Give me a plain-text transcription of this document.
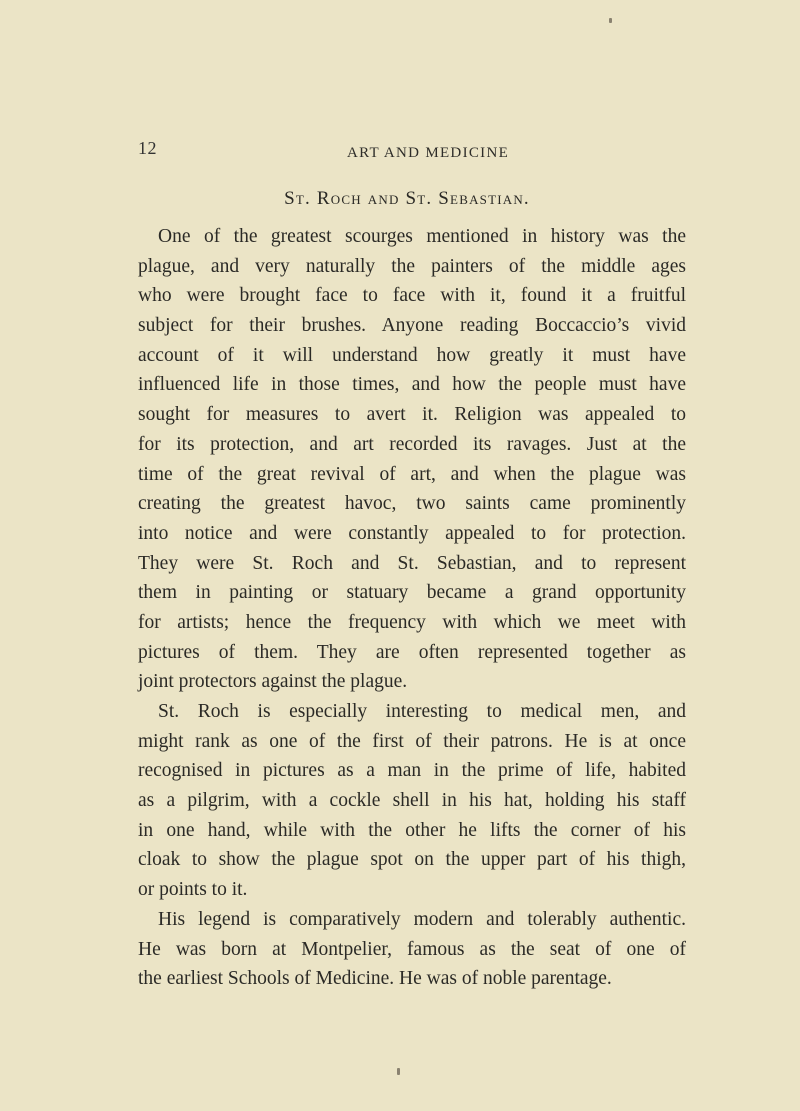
12	ART AND MEDICINE
St. Roch and St. Sebastian.
One of the greatest scourges mentioned in history was the
plague, and very naturally the painters of the middle ages
who were brought face to face with it, found it a fruitful
subject for their brushes. Anyone reading Boccaccio’s vivid
account of it will understand how greatly it must have
influenced life in those times, and how the people must have
sought for measures to avert it. Religion was appealed to
for its protection, and art recorded its ravages. Just at the
time of the great revival of art, and when the plague was
creating the greatest havoc, two saints came prominently
into notice and were constantly appealed to for protection.
They were St. Roch and St. Sebastian, and to represent
them in painting or statuary became a grand opportunity
for artists; hence the frequency with which we meet with
pictures of them. They are often represented together as
joint protectors against the plague.
St. Roch is especially interesting to medical men, and
might rank as one of the first of their patrons. He is at once
recognised in pictures as a man in the prime of life, habited
as a pilgrim, with a cockle shell in his hat, holding his staff
in one hand, while with the other he lifts the corner of his
cloak to show the plague spot on the upper part of his thigh,
or points to it.
His legend is comparatively modern and tolerably authentic.
He was born at Montpelier, famous as the seat of one of
the earliest Schools of Medicine. He was of noble parentage.
